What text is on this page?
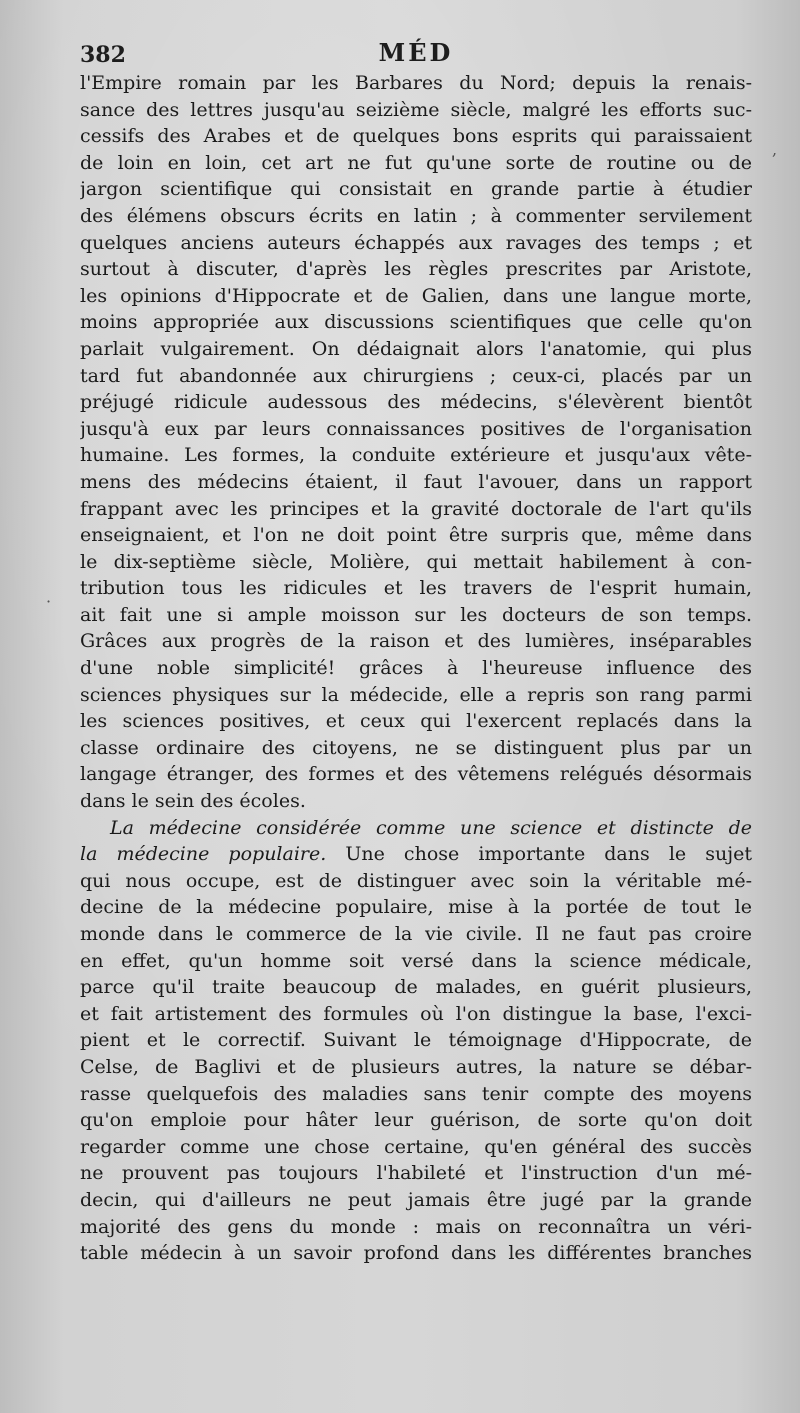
382	MÉD
l'Empire romain par les Barbares du Nord; depuis la renais-
sance des lettres jusqu'au seizième siècle, malgré les efforts suc-
cessifs des Arabes et de quelques bons esprits qui paraissaient
de loin en loin, cet art ne fut qu'une sorte de routine ou de
jargon scientifique qui consistait en grande partie à étudier
des élémens obscurs écrits en latin ; à commenter servilement
quelques anciens auteurs échappés aux ravages des temps ; et
surtout à discuter, d'après les règles prescrites par Aristote,
les opinions d'Hippocrate et de Galien, dans une langue morte,
moins appropriée aux discussions scientifiques que celle qu'on
parlait vulgairement. On dédaignait alors l'anatomie, qui plus
tard fut abandonnée aux chirurgiens ; ceux-ci, placés par un
préjugé ridicule audessous des médecins, s'élevèrent bientôt
jusqu'à eux par leurs connaissances positives de l'organisation
humaine. Les formes, la conduite extérieure et jusqu'aux vête-
mens des médecins étaient, il faut l'avouer, dans un rapport
frappant avec les principes et la gravité doctorale de l'art qu'ils
enseignaient, et l'on ne doit point être surpris que, même dans
le dix-septième siècle, Molière, qui mettait habilement à con-
tribution tous les ridicules et les travers de l'esprit humain,
ait fait une si ample moisson sur les docteurs de son temps.
Grâces aux progrès de la raison et des lumières, inséparables
d'une noble simplicité! grâces à l'heureuse influence des
sciences physiques sur la médecide, elle a repris son rang parmi
les sciences positives, et ceux qui l'exercent replacés dans la
classe ordinaire des citoyens, ne se distinguent plus par un
langage étranger, des formes et des vêtemens relégués désormais
dans le sein des écoles.
La médecine considérée comme une science et distincte de
la médecine populaire. Une chose importante dans le sujet
qui nous occupe, est de distinguer avec soin la véritable mé-
decine de la médecine populaire, mise à la portée de tout le
monde dans le commerce de la vie civile. Il ne faut pas croire
en effet, qu'un homme soit versé dans la science médicale,
parce qu'il traite beaucoup de malades, en guérit plusieurs,
et fait artistement des formules où l'on distingue la base, l'exci-
pient et le correctif. Suivant le témoignage d'Hippocrate, de
Celse, de Baglivi et de plusieurs autres, la nature se débar-
rasse quelquefois des maladies sans tenir compte des moyens
qu'on emploie pour hâter leur guérison, de sorte qu'on doit
regarder comme une chose certaine, qu'en général des succès
ne prouvent pas toujours l'habileté et l'instruction d'un mé-
decin, qui d'ailleurs ne peut jamais être jugé par la grande
majorité des gens du monde : mais on reconnaîtra un véri-
table médecin à un savoir profond dans les différentes branches
,
·
